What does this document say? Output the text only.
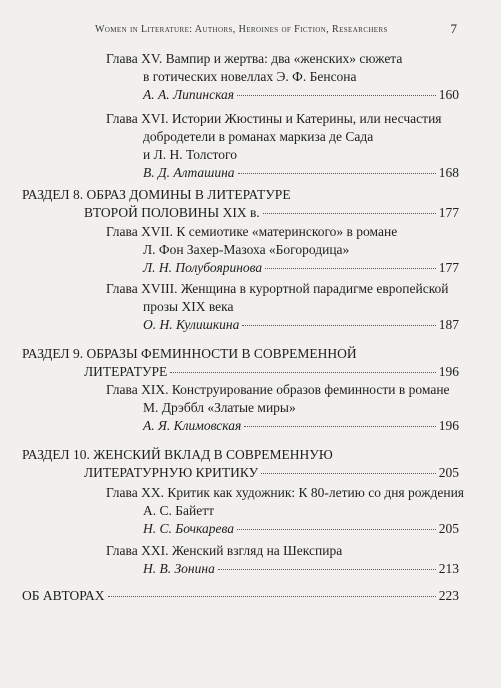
Women in Literature: Authors, Heroines of Fiction, Researchers	7
Глава XV. Вампир и жертва: два «женских» сюжета
в готических новеллах Э. Ф. Бенсона
А. А. Липинская	160
Глава XVI. Истории Жюстины и Катерины, или несчастия
добродетели в романах маркиза де Сада
и Л. Н. Толстого
В. Д. Алташина	168
РАЗДЕЛ 8. ОБРАЗ ДОМИНЫ В ЛИТЕРАТУРЕ
ВТОРОЙ ПОЛОВИНЫ XIX в.	177
Глава XVII. К семиотике «материнского» в романе
Л. Фон Захер-Мазоха «Богородица»
Л. Н. Полубояринова	177
Глава XVIII. Женщина в курортной парадигме европейской
прозы XIX века
О. Н. Кулишкина	187
РАЗДЕЛ 9. ОБРАЗЫ ФЕМИННОСТИ В СОВРЕМЕННОЙ
ЛИТЕРАТУРЕ	196
Глава XIX. Конструирование образов феминности в романе
М. Дрэббл «Златые миры»
А. Я. Климовская	196
РАЗДЕЛ 10. ЖЕНСКИЙ ВКЛАД В СОВРЕМЕННУЮ
ЛИТЕРАТУРНУЮ КРИТИКУ	205
Глава XX. Критик как художник: К 80-летию со дня рождения
А. С. Байетт
Н. С. Бочкарева	205
Глава XXI. Женский взгляд на Шекспира
Н. В. Зонина	213
ОБ АВТОРАХ	223
